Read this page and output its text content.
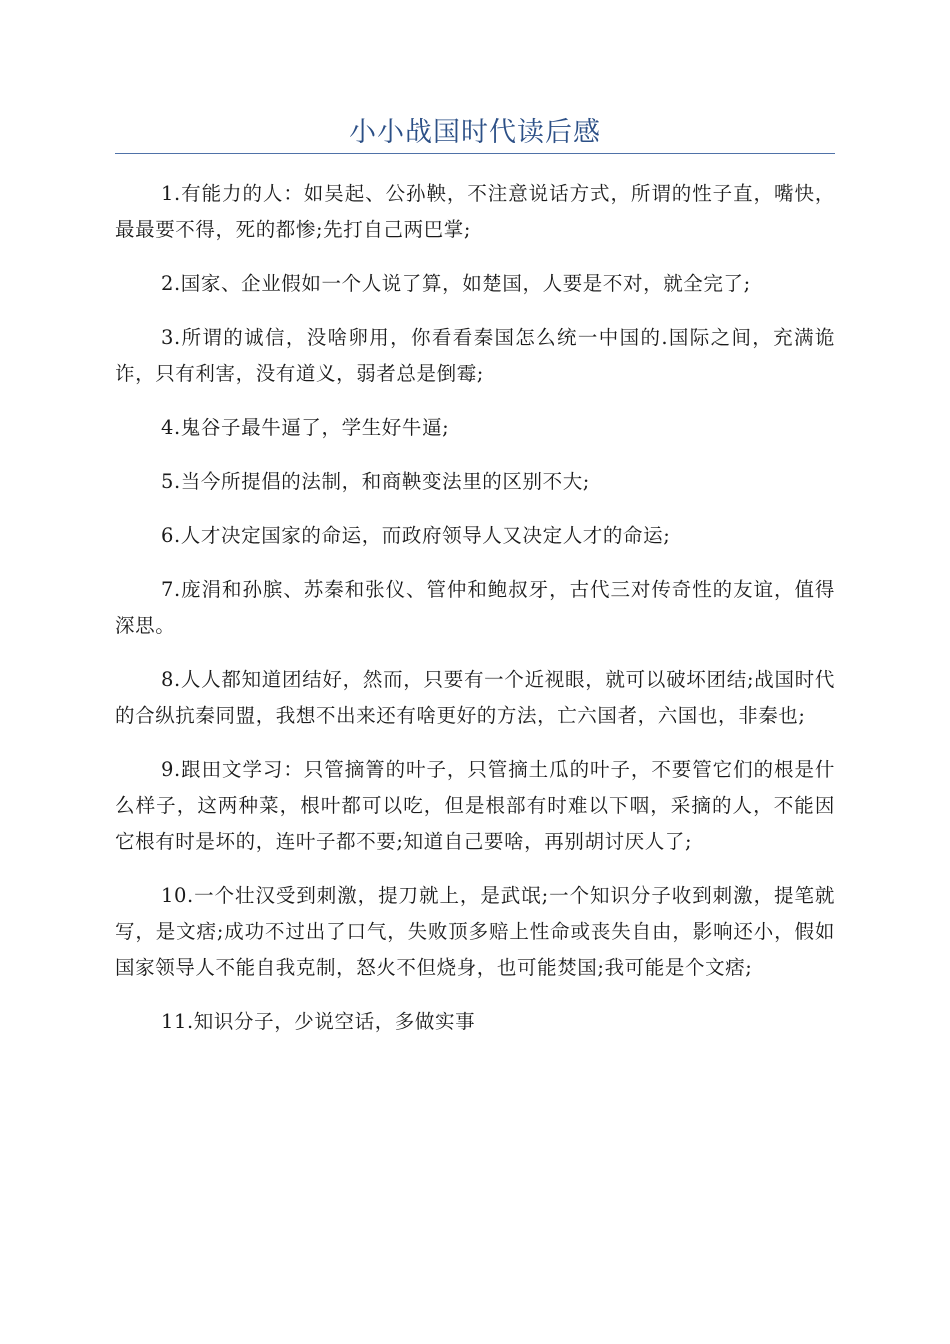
小小战国时代读后感

1.有能力的人：如吴起、公孙鞅，不注意说话方式，所谓的性子直，嘴快，最最要不得，死的都惨;先打自己两巴掌;

2.国家、企业假如一个人说了算，如楚国，人要是不对，就全完了;

3.所谓的诚信，没啥卵用，你看看秦国怎么统一中国的.国际之间，充满诡诈，只有利害，没有道义，弱者总是倒霉;

4.鬼谷子最牛逼了，学生好牛逼;

5.当今所提倡的法制，和商鞅变法里的区别不大;

6.人才决定国家的命运，而政府领导人又决定人才的命运;

7.庞涓和孙膑、苏秦和张仪、管仲和鲍叔牙，古代三对传奇性的友谊，值得深思。

8.人人都知道团结好，然而，只要有一个近视眼，就可以破坏团结;战国时代的合纵抗秦同盟，我想不出来还有啥更好的方法，亡六国者，六国也，非秦也;

9.跟田文学习：只管摘箐的叶子，只管摘土瓜的叶子，不要管它们的根是什么样子，这两种菜，根叶都可以吃，但是根部有时难以下咽，采摘的人，不能因它根有时是坏的，连叶子都不要;知道自己要啥，再别胡讨厌人了;

10.一个壮汉受到刺激，提刀就上，是武氓;一个知识分子收到刺激，提笔就写，是文痞;成功不过出了口气，失败顶多赔上性命或丧失自由，影响还小，假如国家领导人不能自我克制，怒火不但烧身，也可能焚国;我可能是个文痞;

11.知识分子，少说空话，多做实事
